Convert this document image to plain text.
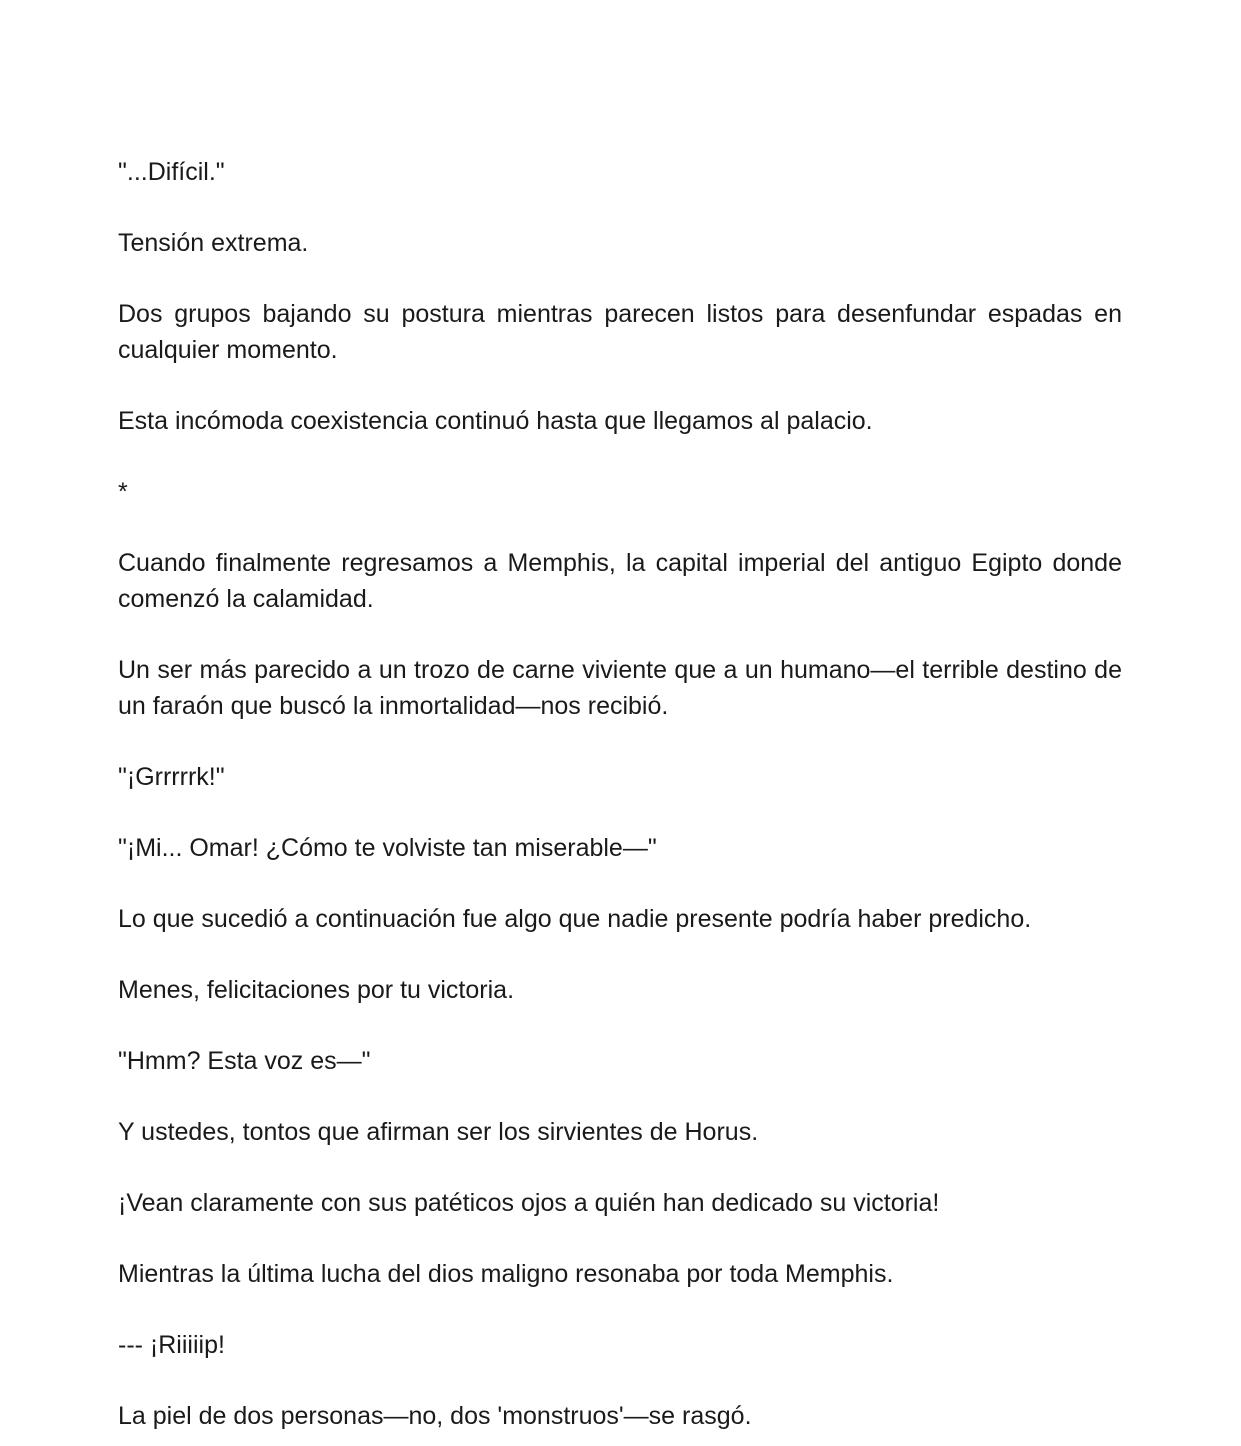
"...Difícil."

Tensión extrema.

Dos grupos bajando su postura mientras parecen listos para desenfundar espadas en cualquier momento.

Esta incómoda coexistencia continuó hasta que llegamos al palacio.

*

Cuando finalmente regresamos a Memphis, la capital imperial del antiguo Egipto donde comenzó la calamidad.

Un ser más parecido a un trozo de carne viviente que a un humano—el terrible destino de un faraón que buscó la inmortalidad—nos recibió.

"¡Grrrrrk!"

"¡Mi... Omar! ¿Cómo te volviste tan miserable—"

Lo que sucedió a continuación fue algo que nadie presente podría haber predicho.

Menes, felicitaciones por tu victoria.

"Hmm? Esta voz es—"

Y ustedes, tontos que afirman ser los sirvientes de Horus.

¡Vean claramente con sus patéticos ojos a quién han dedicado su victoria!

Mientras la última lucha del dios maligno resonaba por toda Memphis.

--- ¡Riiiiip!

La piel de dos personas—no, dos 'monstruos'—se rasgó.
